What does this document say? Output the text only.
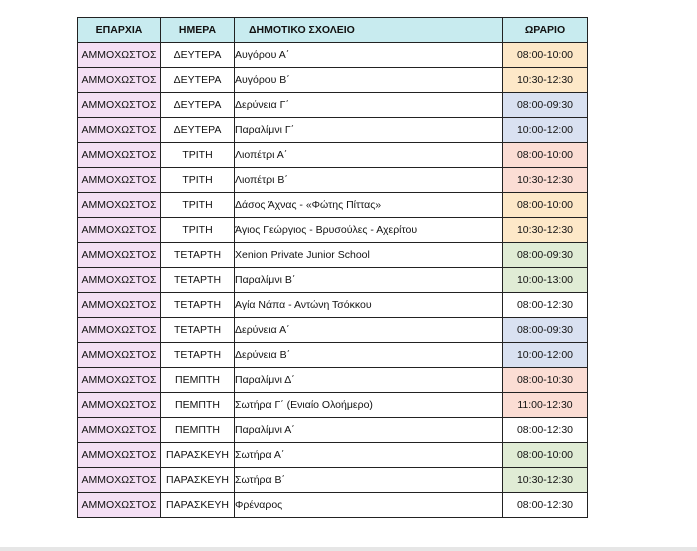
ΕΠΑΡΧΙΑ	ΗΜΕΡΑ	ΔΗΜΟΤΙΚΟ ΣΧΟΛΕΙΟ	ΩΡΑΡΙΟ
ΑΜΜΟΧΩΣΤΟΣ	ΔΕΥΤΕΡΑ	Αυγόρου Α΄	08:00-10:00
ΑΜΜΟΧΩΣΤΟΣ	ΔΕΥΤΕΡΑ	Αυγόρου Β΄	10:30-12:30
ΑΜΜΟΧΩΣΤΟΣ	ΔΕΥΤΕΡΑ	Δερύνεια Γ΄	08:00-09:30
ΑΜΜΟΧΩΣΤΟΣ	ΔΕΥΤΕΡΑ	Παραλίμνι Γ΄	10:00-12:00
ΑΜΜΟΧΩΣΤΟΣ	ΤΡΙΤΗ	Λιοπέτρι Α΄	08:00-10:00
ΑΜΜΟΧΩΣΤΟΣ	ΤΡΙΤΗ	Λιοπέτρι Β΄	10:30-12:30
ΑΜΜΟΧΩΣΤΟΣ	ΤΡΙΤΗ	Δάσος Άχνας - «Φώτης Πίττας»	08:00-10:00
ΑΜΜΟΧΩΣΤΟΣ	ΤΡΙΤΗ	Άγιος Γεώργιος - Βρυσούλες - Αχερίτου	10:30-12:30
ΑΜΜΟΧΩΣΤΟΣ	ΤΕΤΑΡΤΗ	Xenion Private Junior School	08:00-09:30
ΑΜΜΟΧΩΣΤΟΣ	ΤΕΤΑΡΤΗ	Παραλίμνι Β΄	10:00-13:00
ΑΜΜΟΧΩΣΤΟΣ	ΤΕΤΑΡΤΗ	Αγία Νάπα - Αντώνη Τσόκκου	08:00-12:30
ΑΜΜΟΧΩΣΤΟΣ	ΤΕΤΑΡΤΗ	Δερύνεια Α΄	08:00-09:30
ΑΜΜΟΧΩΣΤΟΣ	ΤΕΤΑΡΤΗ	Δερύνεια Β΄	10:00-12:00
ΑΜΜΟΧΩΣΤΟΣ	ΠΕΜΠΤΗ	Παραλίμνι Δ΄	08:00-10:30
ΑΜΜΟΧΩΣΤΟΣ	ΠΕΜΠΤΗ	Σωτήρα Γ΄ (Ενιαίο Ολοήμερο)	11:00-12:30
ΑΜΜΟΧΩΣΤΟΣ	ΠΕΜΠΤΗ	Παραλίμνι Α΄	08:00-12:30
ΑΜΜΟΧΩΣΤΟΣ	ΠΑΡΑΣΚΕΥΗ	Σωτήρα Α΄	08:00-10:00
ΑΜΜΟΧΩΣΤΟΣ	ΠΑΡΑΣΚΕΥΗ	Σωτήρα Β΄	10:30-12:30
ΑΜΜΟΧΩΣΤΟΣ	ΠΑΡΑΣΚΕΥΗ	Φρέναρος	08:00-12:30
